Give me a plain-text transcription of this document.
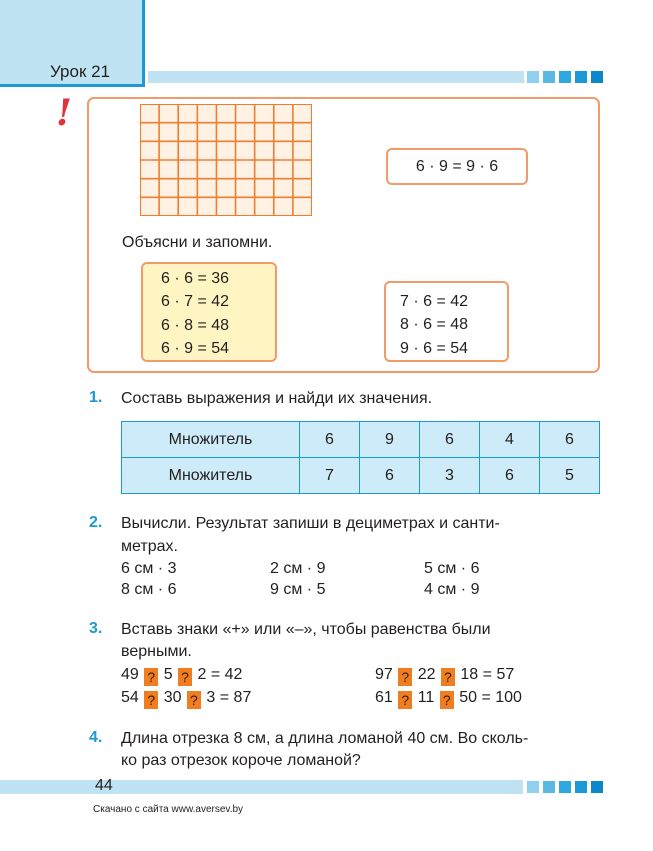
Урок 21
!
6 · 9 = 9 · 6
Объясни и запомни.
6 · 6 = 36
6 · 7 = 42
6 · 8 = 48
6 · 9 = 54
7 · 6 = 42
8 · 6 = 48
9 · 6 = 54
1. Составь выражения и найди их значения.
Множитель	6	9	6	4	6
Множитель	7	6	3	6	5
2. Вычисли. Результат запиши в дециметрах и санти-
метрах.
6 см · 3	2 см · 9	5 см · 6
8 см · 6	9 см · 5	4 см · 9
3. Вставь знаки «+» или «–», чтобы равенства были
верными.
49 ? 5 ? 2 = 42	97 ? 22 ? 18 = 57
54 ? 30 ? 3 = 87	61 ? 11 ? 50 = 100
4. Длина отрезка 8 см, а длина ломаной 40 см. Во сколь-
ко раз отрезок короче ломаной?
44
Скачано с сайта www.aversev.by
